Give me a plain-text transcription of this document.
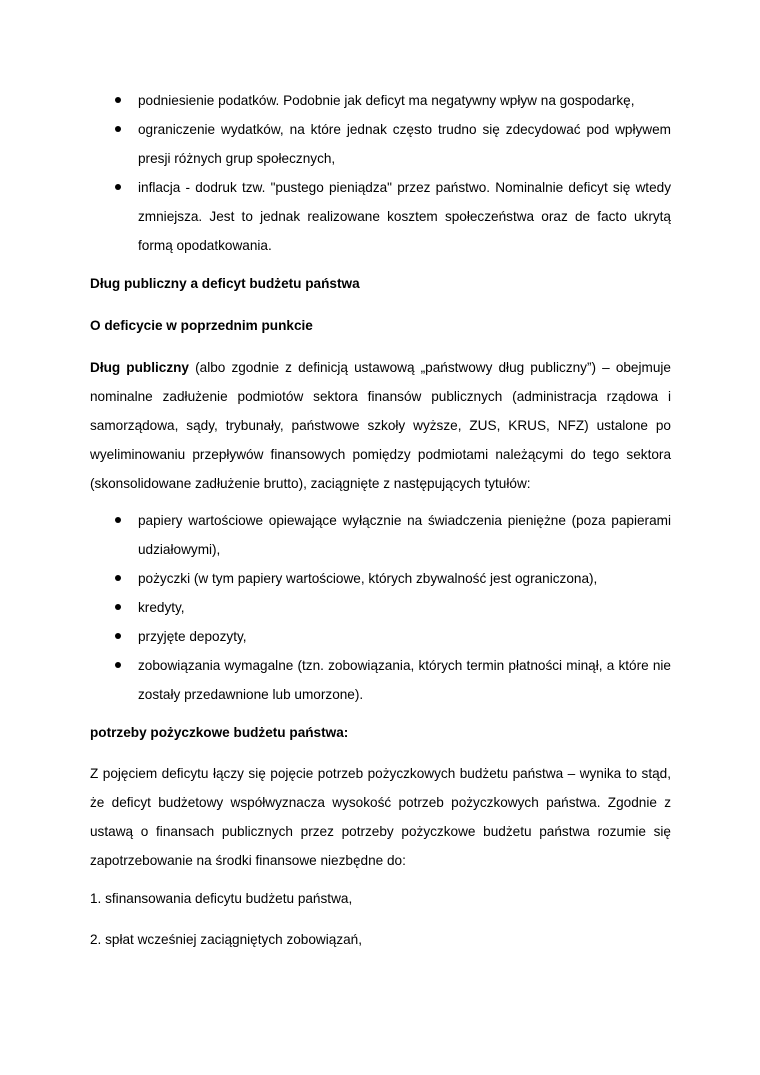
podniesienie podatków. Podobnie jak deficyt ma negatywny wpływ na gospodarkę,
ograniczenie wydatków, na które jednak często trudno się zdecydować pod wpływem presji różnych grup społecznych,
inflacja - dodruk tzw. "pustego pieniądza" przez państwo. Nominalnie deficyt się wtedy zmniejsza. Jest to jednak realizowane kosztem społeczeństwa oraz de facto ukrytą formą opodatkowania.

Dług publiczny a deficyt budżetu państwa

O deficycie w poprzednim punkcie

Dług publiczny (albo zgodnie z definicją ustawową „państwowy dług publiczny”) – obejmuje nominalne zadłużenie podmiotów sektora finansów publicznych (administracja rządowa i samorządowa, sądy, trybunały, państwowe szkoły wyższe, ZUS, KRUS, NFZ) ustalone po wyeliminowaniu przepływów finansowych pomiędzy podmiotami należącymi do tego sektora (skonsolidowane zadłużenie brutto), zaciągnięte z następujących tytułów:

papiery wartościowe opiewające wyłącznie na świadczenia pieniężne (poza papierami udziałowymi),
pożyczki (w tym papiery wartościowe, których zbywalność jest ograniczona),
kredyty,
przyjęte depozyty,
zobowiązania wymagalne (tzn. zobowiązania, których termin płatności minął, a które nie zostały przedawnione lub umorzone).

potrzeby pożyczkowe budżetu państwa:

Z pojęciem deficytu łączy się pojęcie potrzeb pożyczkowych budżetu państwa – wynika to stąd, że deficyt budżetowy współwyznacza wysokość potrzeb pożyczkowych państwa. Zgodnie z ustawą o finansach publicznych przez potrzeby pożyczkowe budżetu państwa rozumie się zapotrzebowanie na środki finansowe niezbędne do:

1. sfinansowania deficytu budżetu państwa,

2. spłat wcześniej zaciągniętych zobowiązań,
